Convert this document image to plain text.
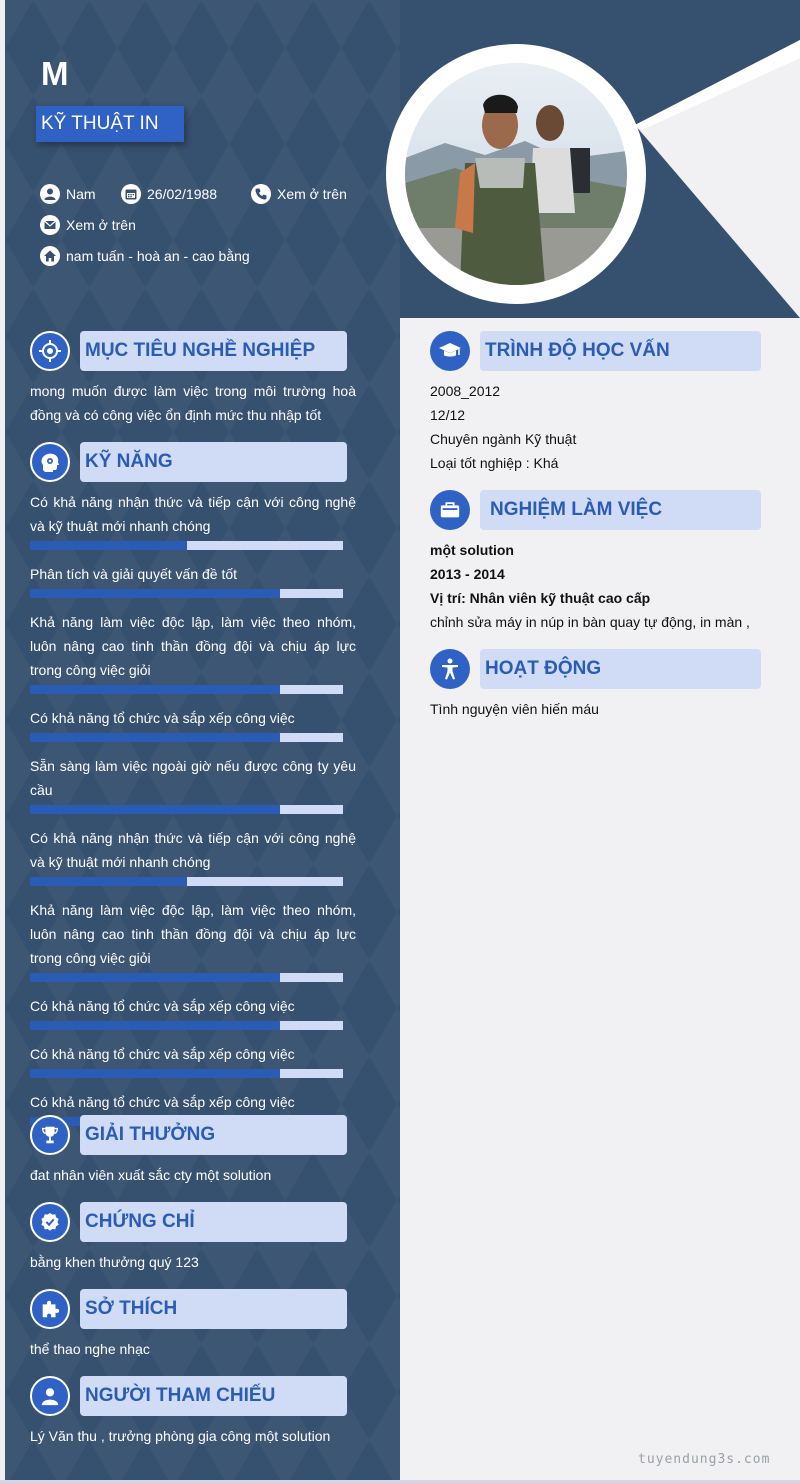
M
KỸ THUẬT IN
Nam	26/02/1988	Xem ở trên
Xem ở trên
nam tuấn - hoà an - cao bằng
MỤC TIÊU NGHỀ NGHIỆP
mong muốn được làm việc trong môi trường hoà đồng và có công việc ổn định mức thu nhập tốt
KỸ NĂNG
Có khả năng nhận thức và tiếp cận với công nghệ và kỹ thuật mới nhanh chóng
Phân tích và giải quyết vấn đề tốt
Khả năng làm việc độc lập, làm việc theo nhóm, luôn nâng cao tinh thần đồng đội và chịu áp lực trong công việc giỏi
Có khả năng tổ chức và sắp xếp công việc
Sẵn sàng làm việc ngoài giờ nếu được công ty yêu cầu
Có khả năng nhận thức và tiếp cận với công nghệ và kỹ thuật mới nhanh chóng
Khả năng làm việc độc lập, làm việc theo nhóm, luôn nâng cao tinh thần đồng đội và chịu áp lực trong công việc giỏi
Có khả năng tổ chức và sắp xếp công việc
Có khả năng tổ chức và sắp xếp công việc
Có khả năng tổ chức và sắp xếp công việc
GIẢI THƯỞNG
đat nhân viên xuất sắc cty một solution
CHỨNG CHỈ
bằng khen thưởng quý 123
SỞ THÍCH
thể thao nghe nhạc
NGƯỜI THAM CHIẾU
Lý Văn thu , trưởng phòng gia công một solution
TRÌNH ĐỘ HỌC VẤN
2008_2012
12/12
Chuyên ngành Kỹ thuật
Loại tốt nghiệp : Khá
NGHIỆM LÀM VIỆC
một solution
2013 - 2014
Vị trí: Nhân viên kỹ thuật cao cấp
chỉnh sửa máy in núp in bàn quay tự động, in màn ,
HOẠT ĐỘNG
Tình nguyện viên hiến máu
tuyendung3s.com
